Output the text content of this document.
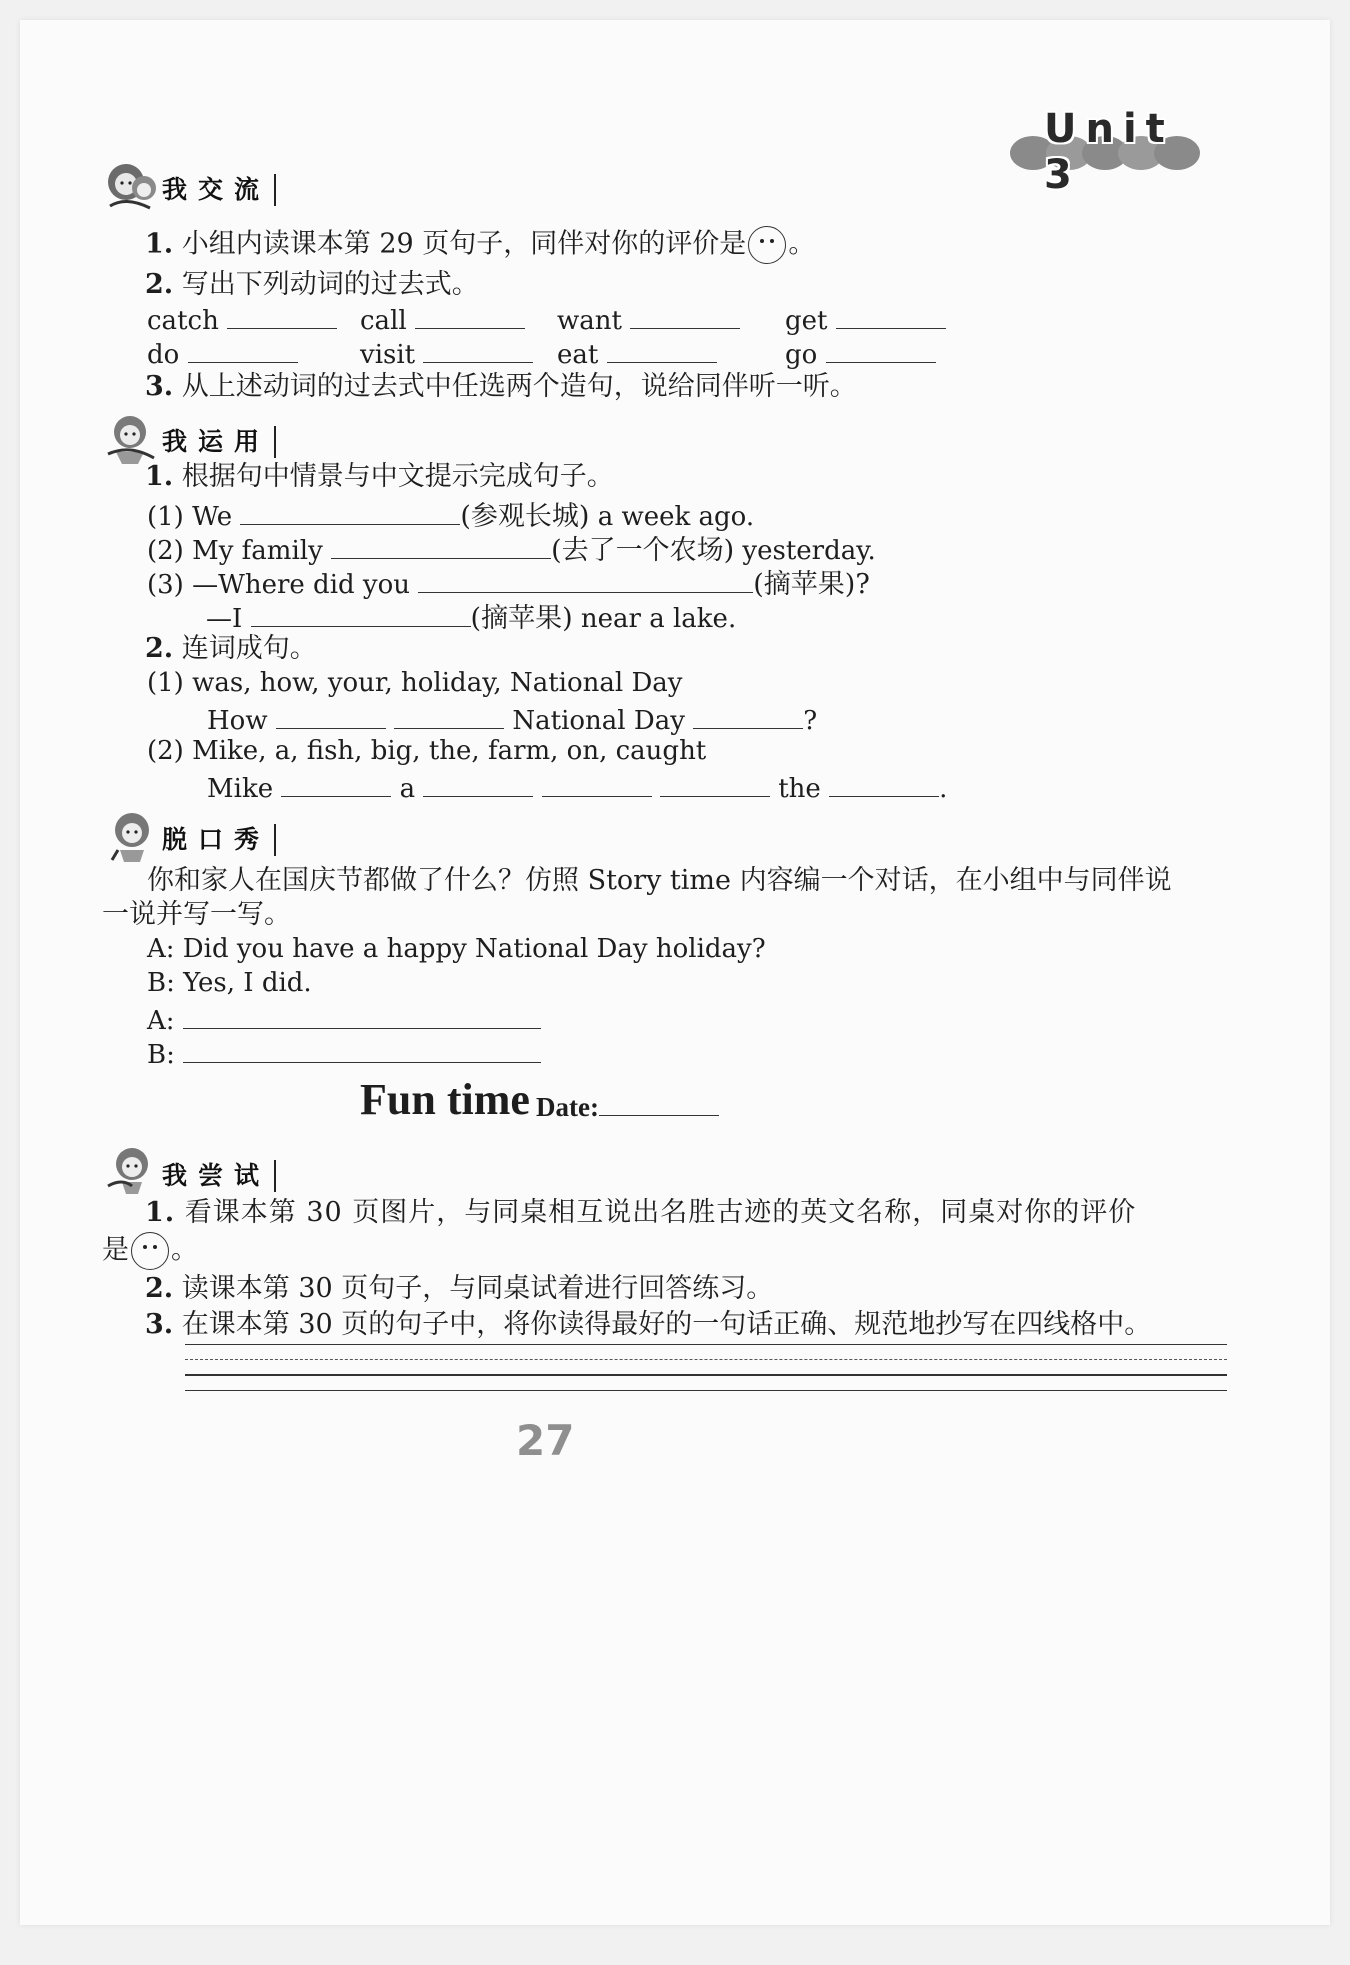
Unit 3
我交流
1. 小组内读课本第 29 页句子，同伴对你的评价是 。
2. 写出下列动词的过去式。
catch	call	want	get
do	visit	eat	go
3. 从上述动词的过去式中任选两个造句，说给同伴听一听。
我运用
1. 根据句中情景与中文提示完成句子。
(1) We	(参观长城) a week ago.
(2) My family	(去了一个农场) yesterday.
(3) —Where did you	(摘苹果)?
—I	(摘苹果) near a lake.
2. 连词成句。
(1) was, how, your, holiday, National Day
How	National Day	?
(2) Mike, a, fish, big, the, farm, on, caught
Mike	a	the	.
脱口秀
你和家人在国庆节都做了什么？仿照 Story time 内容编一个对话，在小组中与同伴说
一说并写一写。
A: Did you have a happy National Day holiday?
B: Yes, I did.
A:
B:
Fun time Date:
我尝试
1. 看课本第 30 页图片，与同桌相互说出名胜古迹的英文名称，同桌对你的评价
是 。
2. 读课本第 30 页句子，与同桌试着进行回答练习。
3. 在课本第 30 页的句子中，将你读得最好的一句话正确、规范地抄写在四线格中。
27
